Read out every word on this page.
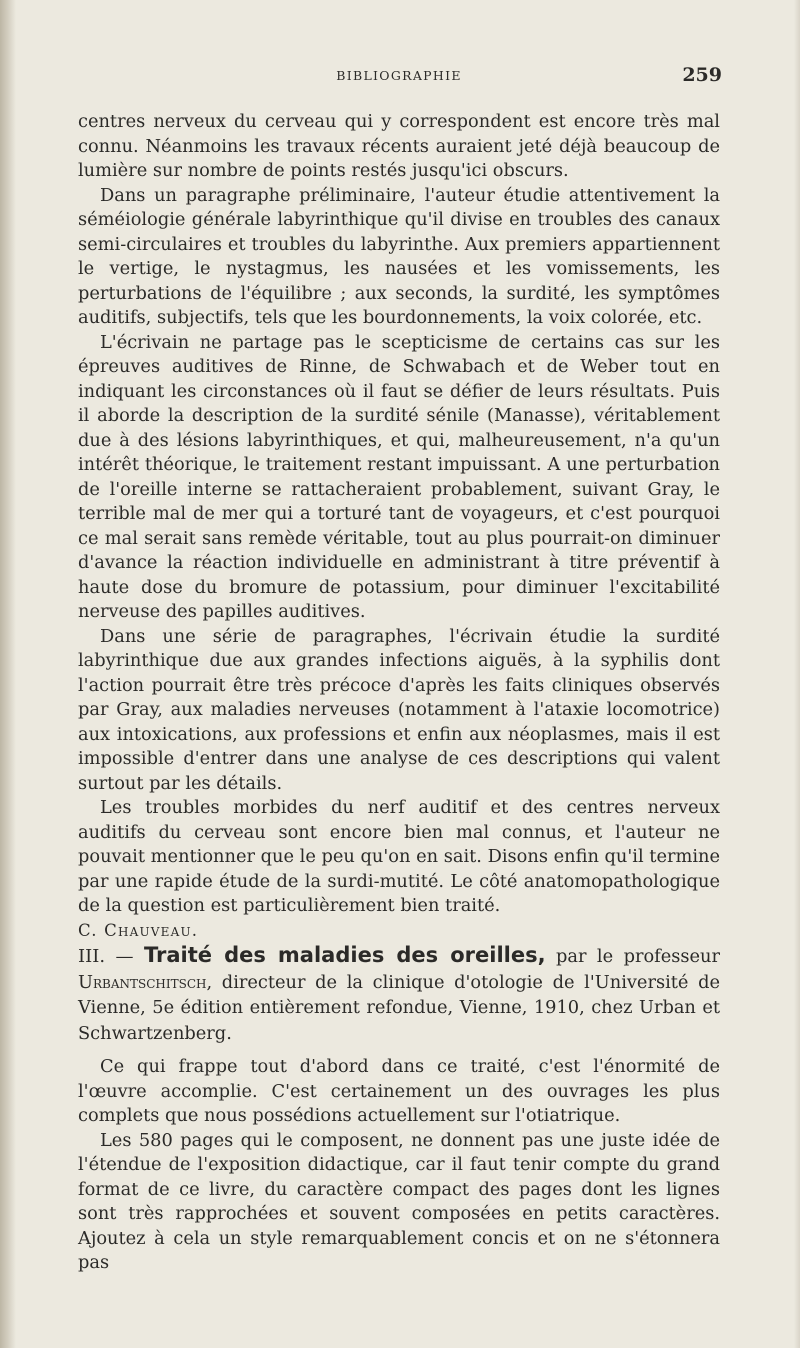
BIBLIOGRAPHIE	259

centres nerveux du cerveau qui y correspondent est encore très mal connu. Néanmoins les travaux récents auraient jeté déjà beaucoup de lumière sur nombre de points restés jusqu'ici obscurs.

Dans un paragraphe préliminaire, l'auteur étudie attentivement la séméiologie générale labyrinthique qu'il divise en troubles des canaux semi-circulaires et troubles du labyrinthe. Aux premiers appartiennent le vertige, le nystagmus, les nausées et les vomissements, les perturbations de l'équilibre ; aux seconds, la surdité, les symptômes auditifs, subjectifs, tels que les bourdonnements, la voix colorée, etc.

L'écrivain ne partage pas le scepticisme de certains cas sur les épreuves auditives de Rinne, de Schwabach et de Weber tout en indiquant les circonstances où il faut se défier de leurs résultats. Puis il aborde la description de la surdité sénile (Manasse), véritablement due à des lésions labyrinthiques, et qui, malheureusement, n'a qu'un intérêt théorique, le traitement restant impuissant. A une perturbation de l'oreille interne se rattacheraient probablement, suivant Gray, le terrible mal de mer qui a torturé tant de voyageurs, et c'est pourquoi ce mal serait sans remède véritable, tout au plus pourrait-on diminuer d'avance la réaction individuelle en administrant à titre préventif à haute dose du bromure de potassium, pour diminuer l'excitabilité nerveuse des papilles auditives.

Dans une série de paragraphes, l'écrivain étudie la surdité labyrinthique due aux grandes infections aiguës, à la syphilis dont l'action pourrait être très précoce d'après les faits cliniques observés par Gray, aux maladies nerveuses (notamment à l'ataxie locomotrice) aux intoxications, aux professions et enfin aux néoplasmes, mais il est impossible d'entrer dans une analyse de ces descriptions qui valent surtout par les détails.

Les troubles morbides du nerf auditif et des centres nerveux auditifs du cerveau sont encore bien mal connus, et l'auteur ne pouvait mentionner que le peu qu'on en sait. Disons enfin qu'il termine par une rapide étude de la surdi-mutité. Le côté anatomopathologique de la question est particulièrement bien traité.

C. Chauveau.

III. — Traité des maladies des oreilles, par le professeur Urbantschitsch, directeur de la clinique d'otologie de l'Université de Vienne, 5e édition entièrement refondue, Vienne, 1910, chez Urban et Schwartzenberg.

Ce qui frappe tout d'abord dans ce traité, c'est l'énormité de l'œuvre accomplie. C'est certainement un des ouvrages les plus complets que nous possédions actuellement sur l'otiatrique.

Les 580 pages qui le composent, ne donnent pas une juste idée de l'étendue de l'exposition didactique, car il faut tenir compte du grand format de ce livre, du caractère compact des pages dont les lignes sont très rapprochées et souvent composées en petits caractères. Ajoutez à cela un style remarquablement concis et on ne s'étonnera pas
